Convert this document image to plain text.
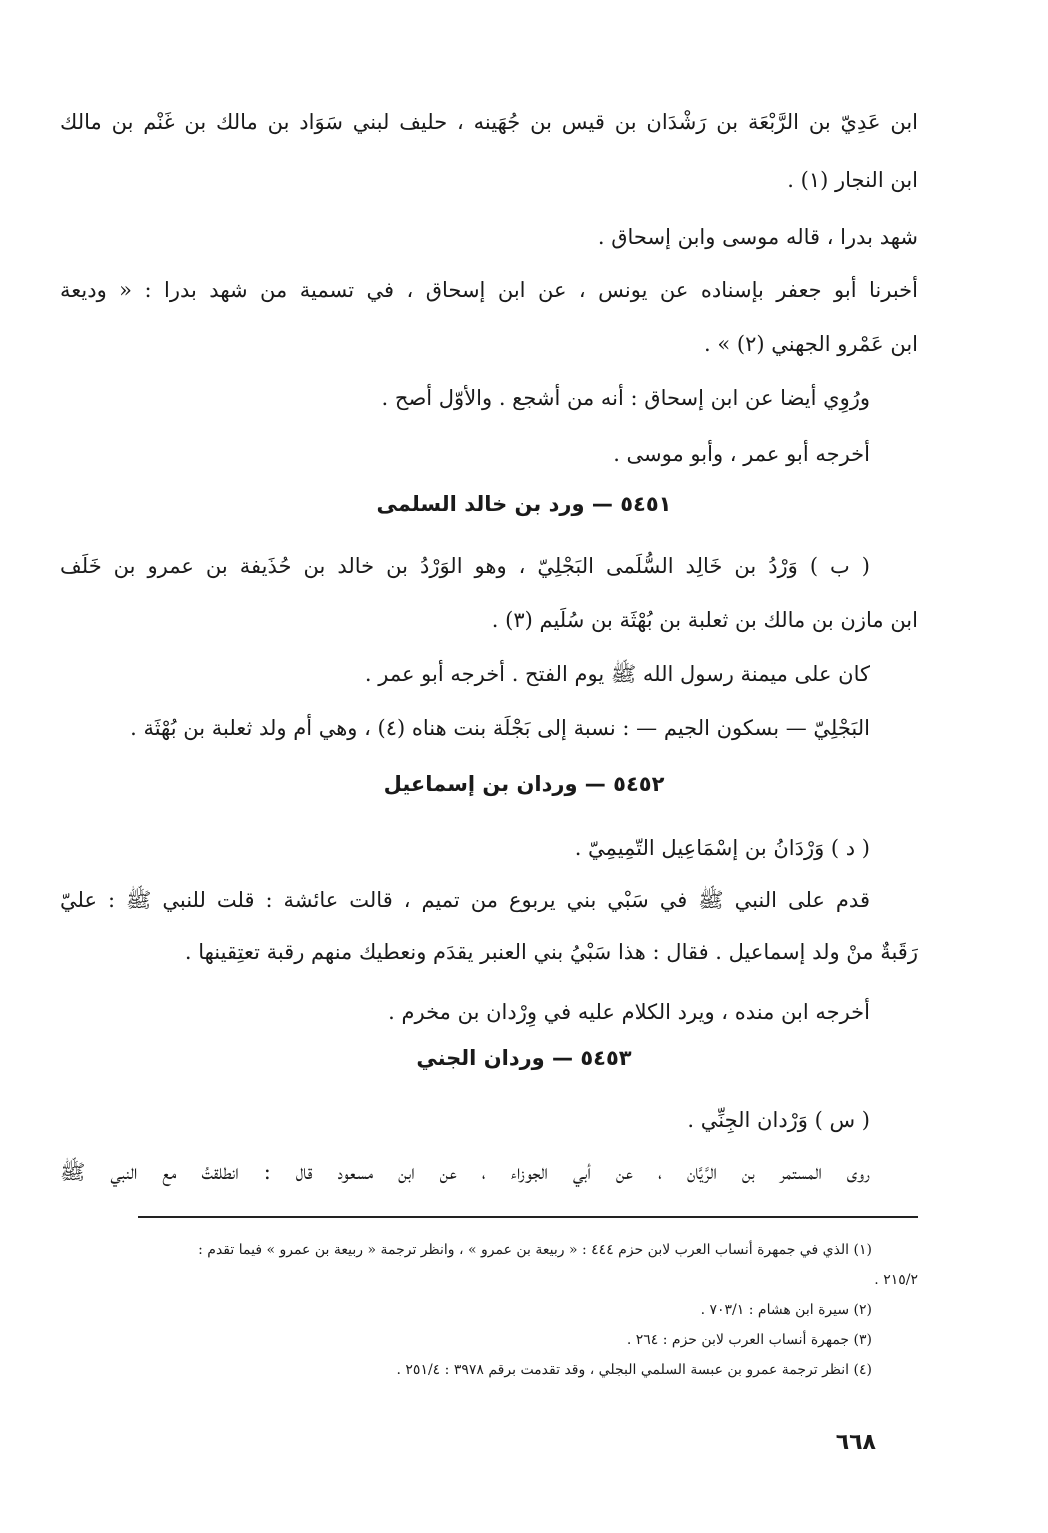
ابن عَدِيّ بن الرَّبْعَة بن رَشْدَان بن قيس بن جُهَينه ، حليف لبني سَوَاد بن مالك بن غَنْم بن مالك
ابن النجار (١) .
شهد بدرا ، قاله موسى وابن إسحاق .
أخبرنا أبو جعفر بإسناده عن يونس ، عن ابن إسحاق ، في تسمية من شهد بدرا : « وديعة
ابن عَمْرو الجهني (٢) » .
ورُوِي أيضا عن ابن إسحاق : أنه من أشجع . والأوّل أصح .
أخرجه أبو عمر ، وأبو موسى .
٥٤٥١ — ورد بن خالد السلمى
( ب ) وَرْدُ بن خَالِد السُّلَمى البَجْلِيّ ، وهو الوَرْدُ بن خالد بن حُذَيفة بن عمرو بن خَلَف
ابن مازن بن مالك بن ثعلبة بن بُهْثَة بن سُلَيم (٣) .
كان على ميمنة رسول الله ﷺ يوم الفتح . أخرجه أبو عمر .
البَجْلِيّ — بسكون الجيم — : نسبة إلى بَجْلَة بنت هناه (٤) ، وهي أم ولد ثعلبة بن بُهْثَة .
٥٤٥٢ — وردان بن إسماعيل
( د ) وَرْدَانُ بن إسْمَاعِيل التّمِيمِيّ .
قدم على النبي ﷺ في سَبْي بني يربوع من تميم ، قالت عائشة : قلت للنبي ﷺ : عليّ
رَقَبةٌ منْ ولد إسماعيل . فقال : هذا سَبْيُ بني العنبر يقدَم ونعطيك منهم رقبة تعتِقينها .
أخرجه ابن منده ، ويرد الكلام عليه في وِرْدان بن مخرم .
٥٤٥٣ — وردان الجني
( س ) وَرْدان الجِنِّي .
روى المستمر بن الرَّيَّان ، عن أبي الجوزاء ، عن ابن مسعود قال : انطلقتُ مع النبي ﷺ
(١) الذي في جمهرة أنساب العرب لابن حزم ٤٤٤ : « ربيعة بن عمرو » ، وانظر ترجمة « ربيعة بن عمرو » فيما تقدم :
٢١٥/٢ .
(٢) سيرة ابن هشام : ٧٠٣/١ .
(٣) جمهرة أنساب العرب لابن حزم : ٢٦٤ .
(٤) انظر ترجمة عمرو بن عبسة السلمي البجلي ، وقد تقدمت برقم ٣٩٧٨ : ٢٥١/٤ .
٦٦٨
